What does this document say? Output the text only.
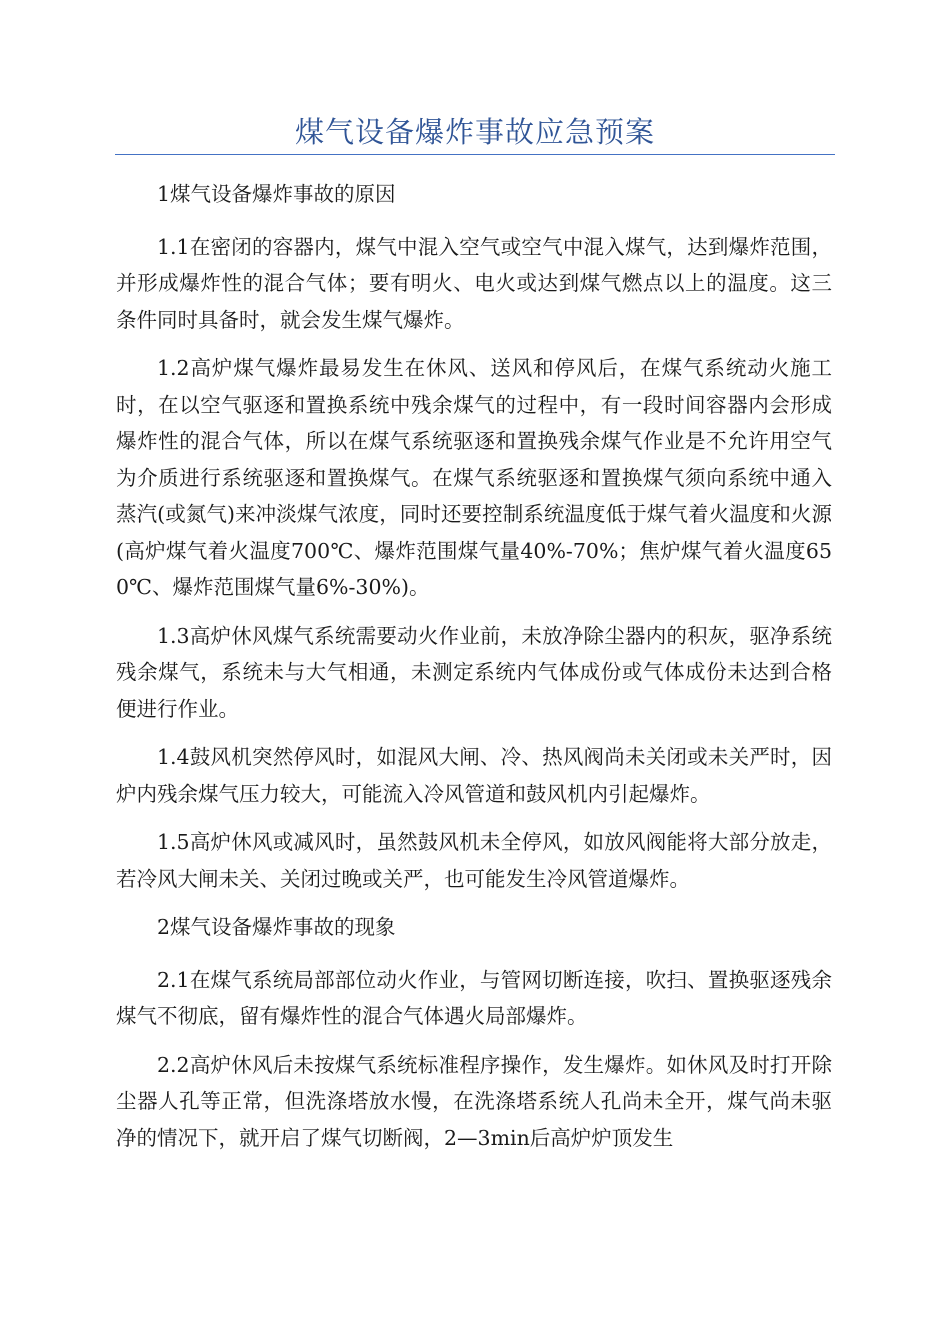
煤气设备爆炸事故应急预案

1煤气设备爆炸事故的原因

1.1在密闭的容器内，煤气中混入空气或空气中混入煤气，达到爆炸范围，并形成爆炸性的混合气体；要有明火、电火或达到煤气燃点以上的温度。这三条件同时具备时，就会发生煤气爆炸。

1.2高炉煤气爆炸最易发生在休风、送风和停风后，在煤气系统动火施工时，在以空气驱逐和置换系统中残余煤气的过程中，有一段时间容器内会形成爆炸性的混合气体，所以在煤气系统驱逐和置换残余煤气作业是不允许用空气为介质进行系统驱逐和置换煤气。在煤气系统驱逐和置换煤气须向系统中通入蒸汽(或氮气)来冲淡煤气浓度，同时还要控制系统温度低于煤气着火温度和火源(高炉煤气着火温度700℃、爆炸范围煤气量40%-70%；焦炉煤气着火温度650℃、爆炸范围煤气量6%-30%)。

1.3高炉休风煤气系统需要动火作业前，未放净除尘器内的积灰，驱净系统残余煤气，系统未与大气相通，未测定系统内气体成份或气体成份未达到合格便进行作业。

1.4鼓风机突然停风时，如混风大闸、冷、热风阀尚未关闭或未关严时，因炉内残余煤气压力较大，可能流入冷风管道和鼓风机内引起爆炸。

1.5高炉休风或减风时，虽然鼓风机未全停风，如放风阀能将大部分放走，若冷风大闸未关、关闭过晚或关严，也可能发生冷风管道爆炸。

2煤气设备爆炸事故的现象

2.1在煤气系统局部部位动火作业，与管网切断连接，吹扫、置换驱逐残余煤气不彻底，留有爆炸性的混合气体遇火局部爆炸。

2.2高炉休风后未按煤气系统标准程序操作，发生爆炸。如休风及时打开除尘器人孔等正常，但洗涤塔放水慢，在洗涤塔系统人孔尚未全开，煤气尚未驱净的情况下，就开启了煤气切断阀，2—3min后高炉炉顶发生
